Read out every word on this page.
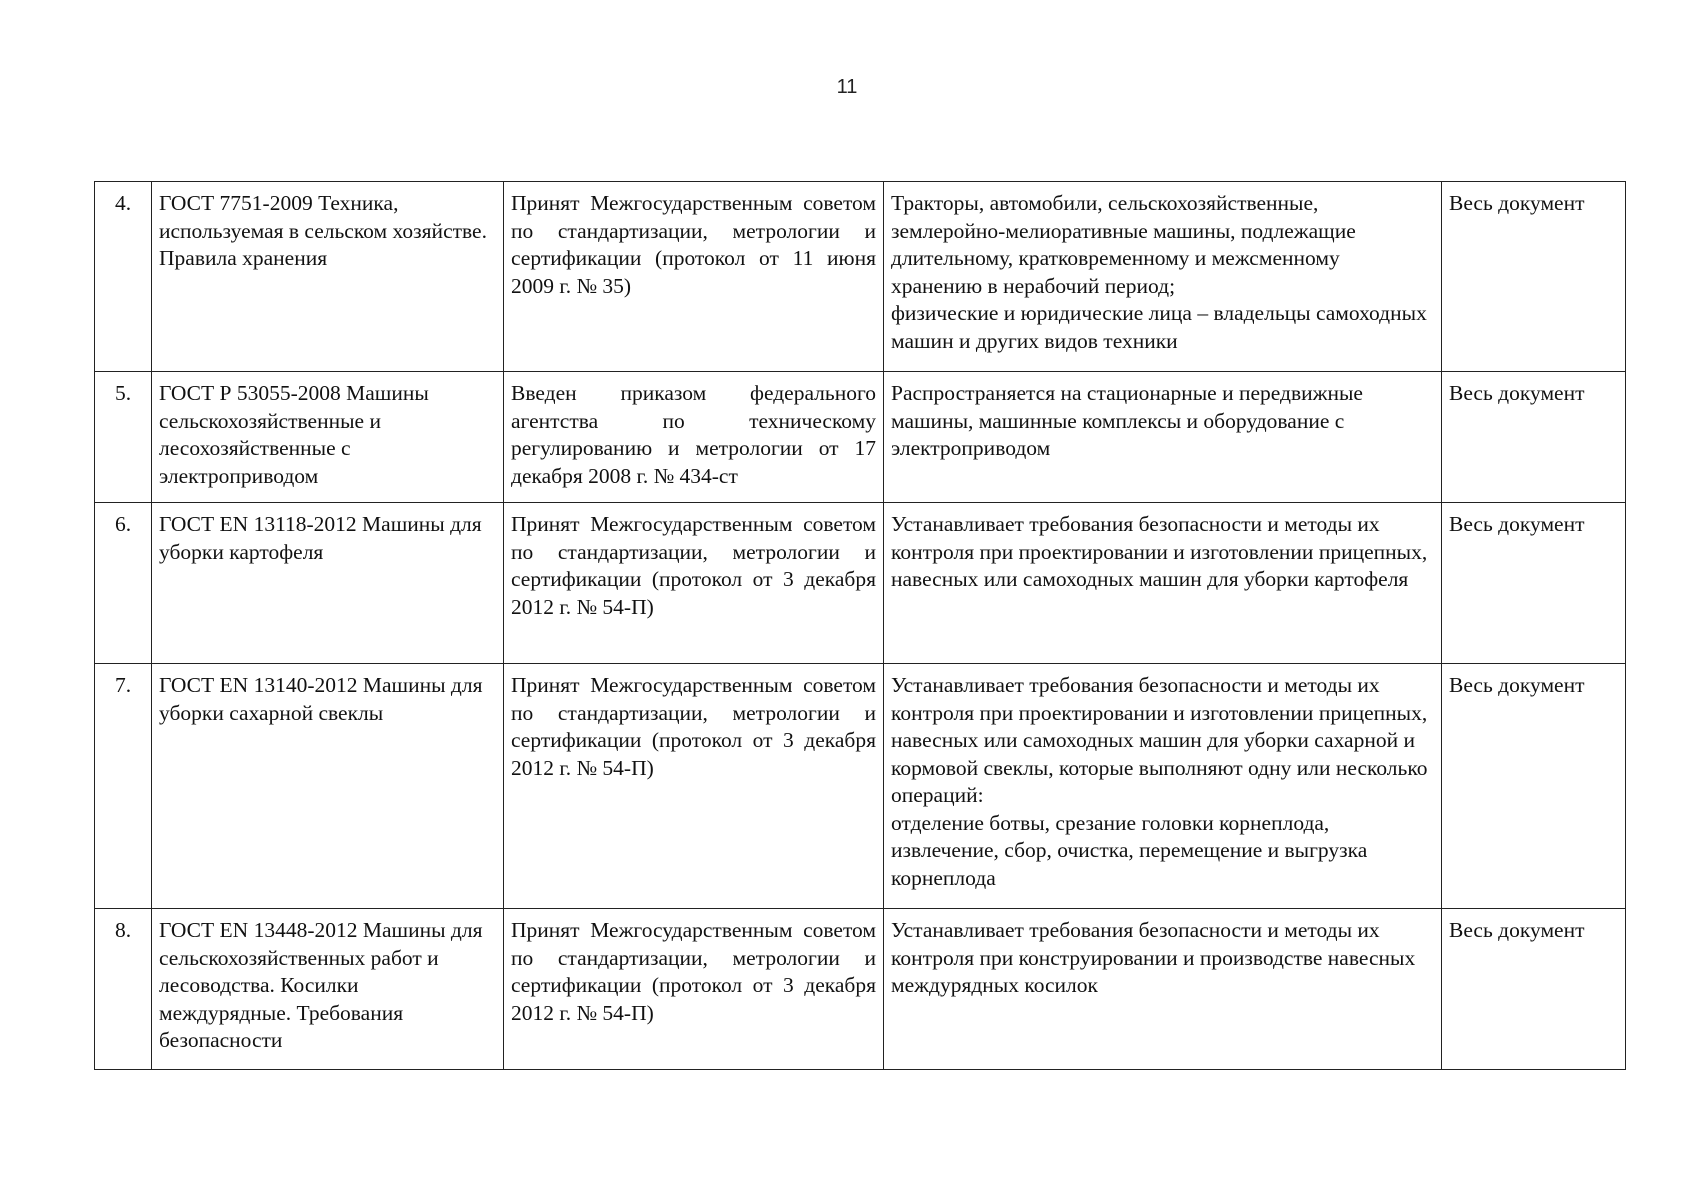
11
4.	ГОСТ 7751-2009 Техника, используемая в сельском хозяйстве. Правила хранения	Принят Межгосударственным советом по стандартизации, метрологии и сертификации (протокол от 11 июня 2009 г. № 35)	Тракторы, автомобили, сельскохозяйственные, землеройно-мелиоративные машины, подлежащие длительному, кратковременному и межсменному хранению в нерабочий период;
физические и юридические лица – владельцы самоходных машин и других видов техники	Весь документ
5.	ГОСТ Р 53055-2008 Машины сельскохозяйственные и лесохозяйственные с электроприводом	Введен приказом федерального агентства по техническому регулированию и метрологии от 17 декабря 2008 г. № 434-ст	Распространяется на стационарные и передвижные машины, машинные комплексы и оборудование с электроприводом	Весь документ
6.	ГОСТ EN 13118-2012 Машины для уборки картофеля	Принят Межгосударственным советом по стандартизации, метрологии и сертификации (протокол от 3 декабря 2012 г. № 54-П)	Устанавливает требования безопасности и методы их контроля при проектировании и изготовлении прицепных, навесных или самоходных машин для уборки картофеля	Весь документ
7.	ГОСТ EN 13140-2012 Машины для уборки сахарной свеклы	Принят Межгосударственным советом по стандартизации, метрологии и сертификации (протокол от 3 декабря 2012 г. № 54-П)	Устанавливает требования безопасности и методы их контроля при проектировании и изготовлении прицепных, навесных или самоходных машин для уборки сахарной и кормовой свеклы, которые выполняют одну или несколько операций:
отделение ботвы, срезание головки корнеплода, извлечение, сбор, очистка, перемещение и выгрузка корнеплода	Весь документ
8.	ГОСТ EN 13448-2012 Машины для сельскохозяйственных работ и лесоводства. Косилки междурядные. Требования безопасности	Принят Межгосударственным советом по стандартизации, метрологии и сертификации (протокол от 3 декабря 2012 г. № 54-П)	Устанавливает требования безопасности и методы их контроля при конструировании и производстве навесных междурядных косилок	Весь документ
